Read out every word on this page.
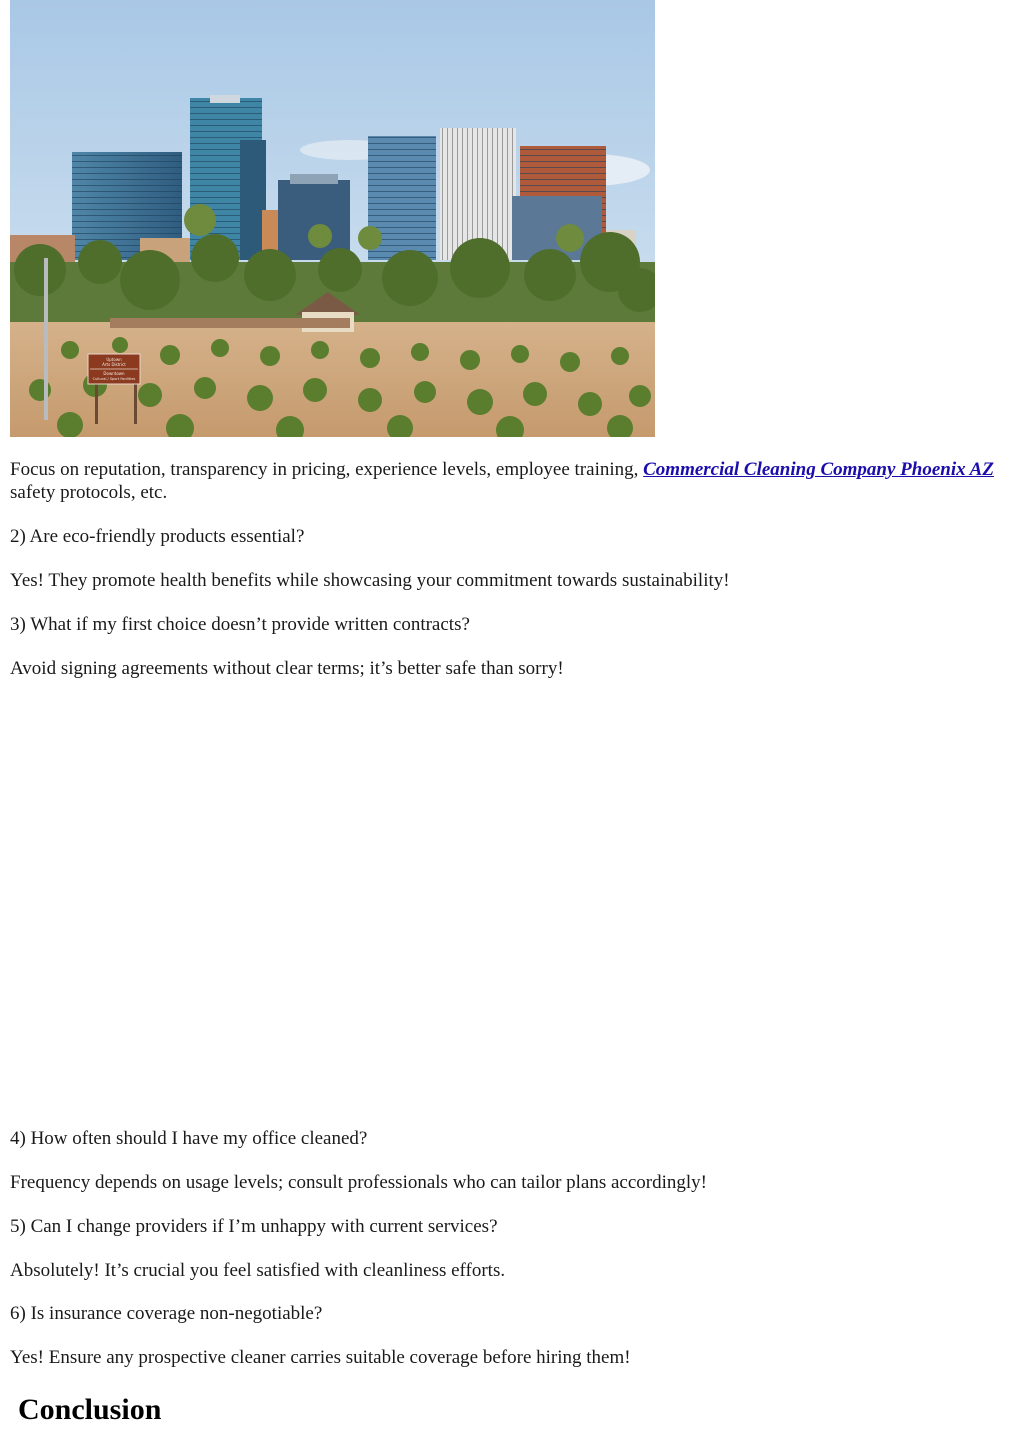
Uptown
Arts District
Downtown
Cultural / Sport Facilities

Focus on reputation, transparency in pricing, experience levels, employee training, Commercial Cleaning Company Phoenix AZ safety protocols, etc.

2) Are eco-friendly products essential?

Yes! They promote health benefits while showcasing your commitment towards sustainability!

3) What if my first choice doesn’t provide written contracts?

Avoid signing agreements without clear terms; it’s better safe than sorry!

4) How often should I have my office cleaned?

Frequency depends on usage levels; consult professionals who can tailor plans accordingly!

5) Can I change providers if I’m unhappy with current services?

Absolutely! It’s crucial you feel satisfied with cleanliness efforts.

6) Is insurance coverage non-negotiable?

Yes! Ensure any prospective cleaner carries suitable coverage before hiring them!

Conclusion
